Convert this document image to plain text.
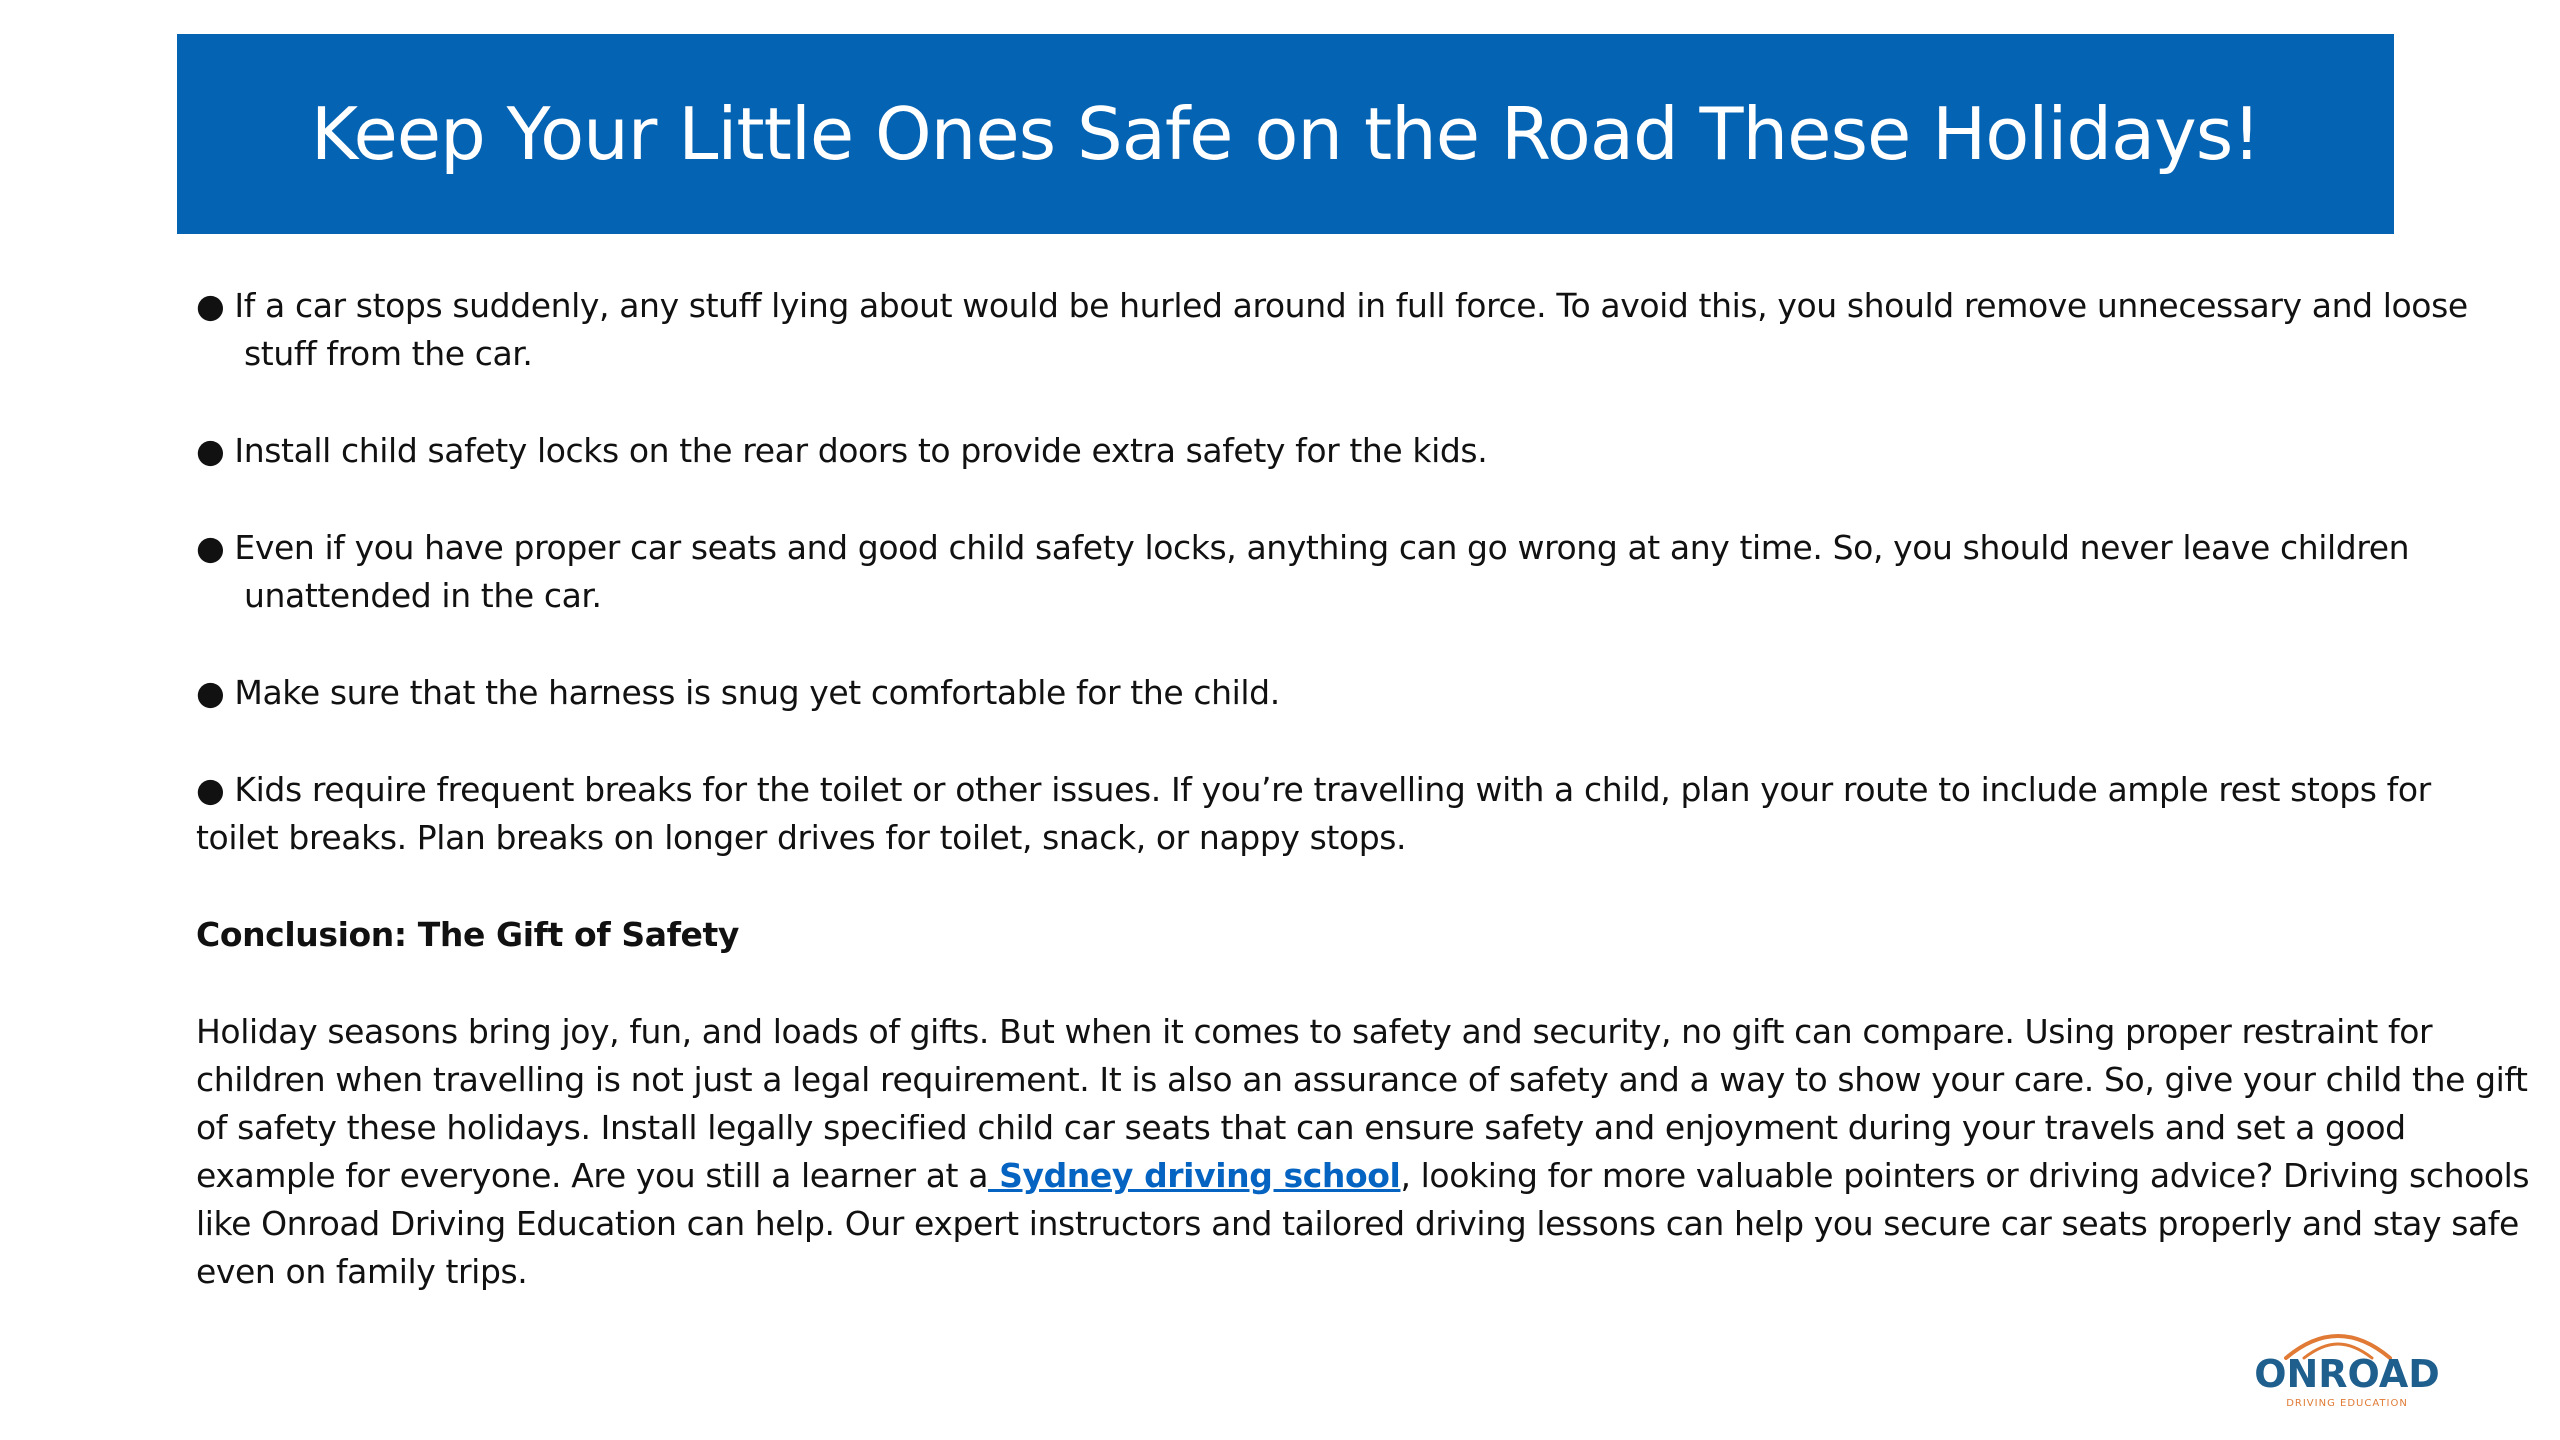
Keep Your Little Ones Safe on the Road These Holidays!
● If a car stops suddenly, any stuff lying about would be hurled around in full force. To avoid this, you should remove unnecessary and loose
stuff from the car.
● Install child safety locks on the rear doors to provide extra safety for the kids.
● Even if you have proper car seats and good child safety locks, anything can go wrong at any time. So, you should never leave children
unattended in the car.
● Make sure that the harness is snug yet comfortable for the child.
● Kids require frequent breaks for the toilet or other issues. If you’re travelling with a child, plan your route to include ample rest stops for
toilet breaks. Plan breaks on longer drives for toilet, snack, or nappy stops.
Conclusion: The Gift of Safety
Holiday seasons bring joy, fun, and loads of gifts. But when it comes to safety and security, no gift can compare. Using proper restraint for
children when travelling is not just a legal requirement. It is also an assurance of safety and a way to show your care. So, give your child the gift
of safety these holidays. Install legally specified child car seats that can ensure safety and enjoyment during your travels and set a good
example for everyone. Are you still a learner at a Sydney driving school, looking for more valuable pointers or driving advice? Driving schools
like Onroad Driving Education can help. Our expert instructors and tailored driving lessons can help you secure car seats properly and stay safe
even on family trips.
ONROAD
DRIVING EDUCATION
